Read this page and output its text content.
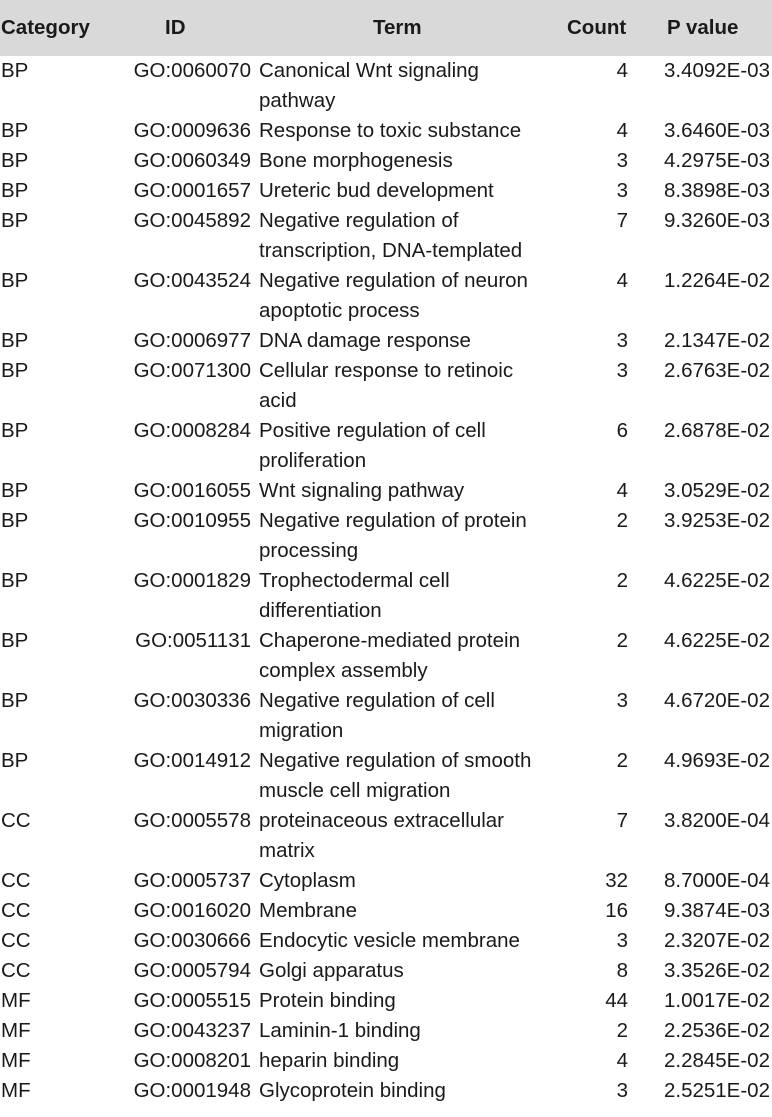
Category	ID	Term	Count	P value
BP	GO:0060070	Canonical Wnt signaling pathway	4	3.4092E-03
BP	GO:0009636	Response to toxic substance	4	3.6460E-03
BP	GO:0060349	Bone morphogenesis	3	4.2975E-03
BP	GO:0001657	Ureteric bud development	3	8.3898E-03
BP	GO:0045892	Negative regulation of transcription, DNA-templated	7	9.3260E-03
BP	GO:0043524	Negative regulation of neuron apoptotic process	4	1.2264E-02
BP	GO:0006977	DNA damage response	3	2.1347E-02
BP	GO:0071300	Cellular response to retinoic acid	3	2.6763E-02
BP	GO:0008284	Positive regulation of cell proliferation	6	2.6878E-02
BP	GO:0016055	Wnt signaling pathway	4	3.0529E-02
BP	GO:0010955	Negative regulation of protein processing	2	3.9253E-02
BP	GO:0001829	Trophectodermal cell differentiation	2	4.6225E-02
BP	GO:0051131	Chaperone-mediated protein complex assembly	2	4.6225E-02
BP	GO:0030336	Negative regulation of cell migration	3	4.6720E-02
BP	GO:0014912	Negative regulation of smooth muscle cell migration	2	4.9693E-02
CC	GO:0005578	proteinaceous extracellular matrix	7	3.8200E-04
CC	GO:0005737	Cytoplasm	32	8.7000E-04
CC	GO:0016020	Membrane	16	9.3874E-03
CC	GO:0030666	Endocytic vesicle membrane	3	2.3207E-02
CC	GO:0005794	Golgi apparatus	8	3.3526E-02
MF	GO:0005515	Protein binding	44	1.0017E-02
MF	GO:0043237	Laminin-1 binding	2	2.2536E-02
MF	GO:0008201	heparin binding	4	2.2845E-02
MF	GO:0001948	Glycoprotein binding	3	2.5251E-02
